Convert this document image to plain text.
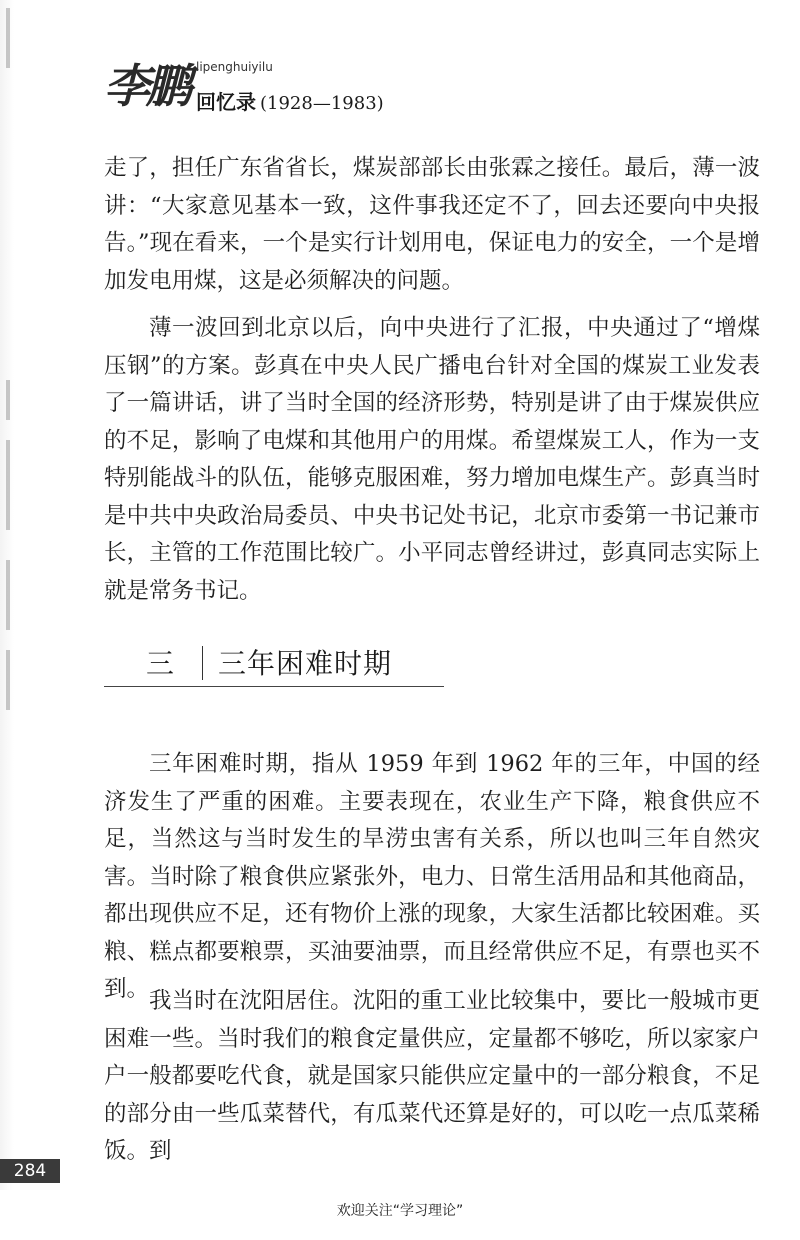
李鹏 lipenghuiyilu
回忆录 (1928—1983)

走了，担任广东省省长，煤炭部部长由张霖之接任。最后，薄一波讲：“大家意见基本一致，这件事我还定不了，回去还要向中央报告。”现在看来，一个是实行计划用电，保证电力的安全，一个是增加发电用煤，这是必须解决的问题。

薄一波回到北京以后，向中央进行了汇报，中央通过了“增煤压钢”的方案。彭真在中央人民广播电台针对全国的煤炭工业发表了一篇讲话，讲了当时全国的经济形势，特别是讲了由于煤炭供应的不足，影响了电煤和其他用户的用煤。希望煤炭工人，作为一支特别能战斗的队伍，能够克服困难，努力增加电煤生产。彭真当时是中共中央政治局委员、中央书记处书记，北京市委第一书记兼市长，主管的工作范围比较广。小平同志曾经讲过，彭真同志实际上就是常务书记。

三 三年困难时期

三年困难时期，指从 1959 年到 1962 年的三年，中国的经济发生了严重的困难。主要表现在，农业生产下降，粮食供应不足，当然这与当时发生的旱涝虫害有关系，所以也叫三年自然灾害。当时除了粮食供应紧张外，电力、日常生活用品和其他商品，都出现供应不足，还有物价上涨的现象，大家生活都比较困难。买粮、糕点都要粮票，买油要油票，而且经常供应不足，有票也买不到。 我当时在沈阳居住。沈阳的重工业比较集中，要比一般城市更困难一些。当时我们的粮食定量供应，定量都不够吃，所以家家户户一般都要吃代食，就是国家只能供应定量中的一部分粮食，不足的部分由一些瓜菜替代，有瓜菜代还算是好的，可以吃一点瓜菜稀饭。到

284
欢迎关注“学习理论”
